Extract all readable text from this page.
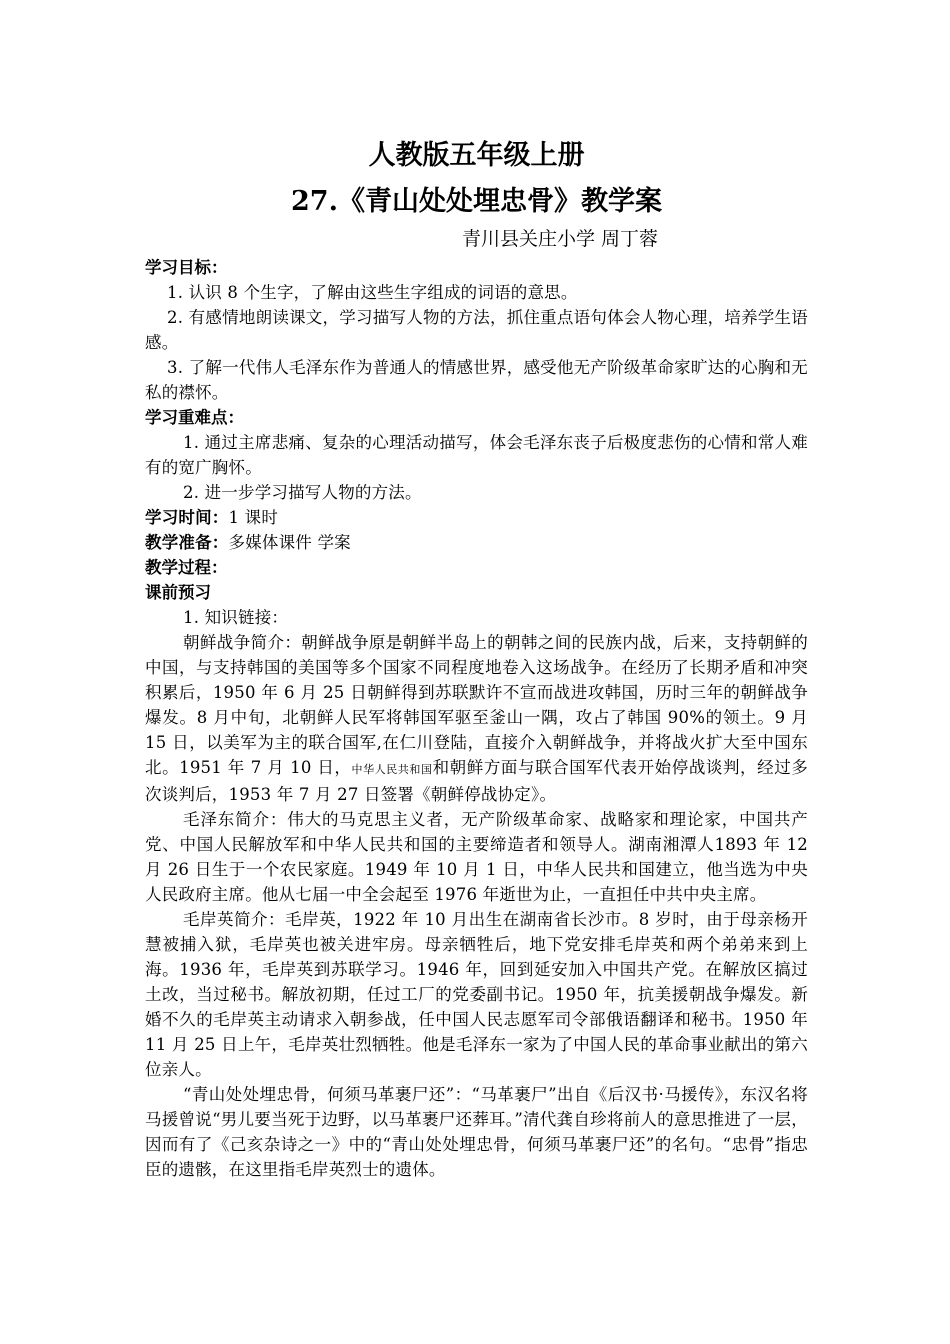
人教版五年级上册
27.《青山处处埋忠骨》教学案
青川县关庄小学 周丁蓉
学习目标：
1. 认识 8 个生字，了解由这些生字组成的词语的意思。
2. 有感情地朗读课文，学习描写人物的方法，抓住重点语句体会人物心理，培养学生语感。
3. 了解一代伟人毛泽东作为普通人的情感世界，感受他无产阶级革命家旷达的心胸和无私的襟怀。
学习重难点：
1. 通过主席悲痛、复杂的心理活动描写，体会毛泽东丧子后极度悲伤的心情和常人难有的宽广胸怀。
2. 进一步学习描写人物的方法。
学习时间：1 课时
教学准备：多媒体课件 学案
教学过程：
课前预习
1. 知识链接：
朝鲜战争简介：朝鲜战争原是朝鲜半岛上的朝韩之间的民族内战，后来，支持朝鲜的中国，与支持韩国的美国等多个国家不同程度地卷入这场战争。在经历了长期矛盾和冲突积累后，1950 年 6 月 25 日朝鲜得到苏联默许不宣而战进攻韩国，历时三年的朝鲜战争爆发。8 月中旬，北朝鲜人民军将韩国军驱至釜山一隅，攻占了韩国 90%的领土。9 月 15 日，以美军为主的联合国军,在仁川登陆，直接介入朝鲜战争，并将战火扩大至中国东北。1951 年 7 月 10 日，中华人民共和国和朝鲜方面与联合国军代表开始停战谈判，经过多次谈判后，1953 年 7 月 27 日签署《朝鲜停战协定》。
毛泽东简介：伟大的马克思主义者，无产阶级革命家、战略家和理论家，中国共产党、中国人民解放军和中华人民共和国的主要缔造者和领导人。湖南湘潭人1893 年 12 月 26 日生于一个农民家庭。1949 年 10 月 1 日，中华人民共和国建立，他当选为中央人民政府主席。他从七届一中全会起至 1976 年逝世为止，一直担任中共中央主席。
毛岸英简介：毛岸英，1922 年 10 月出生在湖南省长沙市。8 岁时，由于母亲杨开慧被捕入狱，毛岸英也被关进牢房。母亲牺牲后，地下党安排毛岸英和两个弟弟来到上海。1936 年，毛岸英到苏联学习。1946 年，回到延安加入中国共产党。在解放区搞过土改，当过秘书。解放初期，任过工厂的党委副书记。1950 年，抗美援朝战争爆发。新婚不久的毛岸英主动请求入朝参战，任中国人民志愿军司令部俄语翻译和秘书。1950 年 11 月 25 日上午，毛岸英壮烈牺牲。他是毛泽东一家为了中国人民的革命事业献出的第六位亲人。
“青山处处埋忠骨，何须马革裹尸还”：“马革裹尸”出自《后汉书·马援传》，东汉名将马援曾说“男儿要当死于边野，以马革裹尸还葬耳。”清代龚自珍将前人的意思推进了一层，因而有了《己亥杂诗之一》中的“青山处处埋忠骨，何须马革裹尸还”的名句。“忠骨”指忠臣的遗骸，在这里指毛岸英烈士的遗体。
